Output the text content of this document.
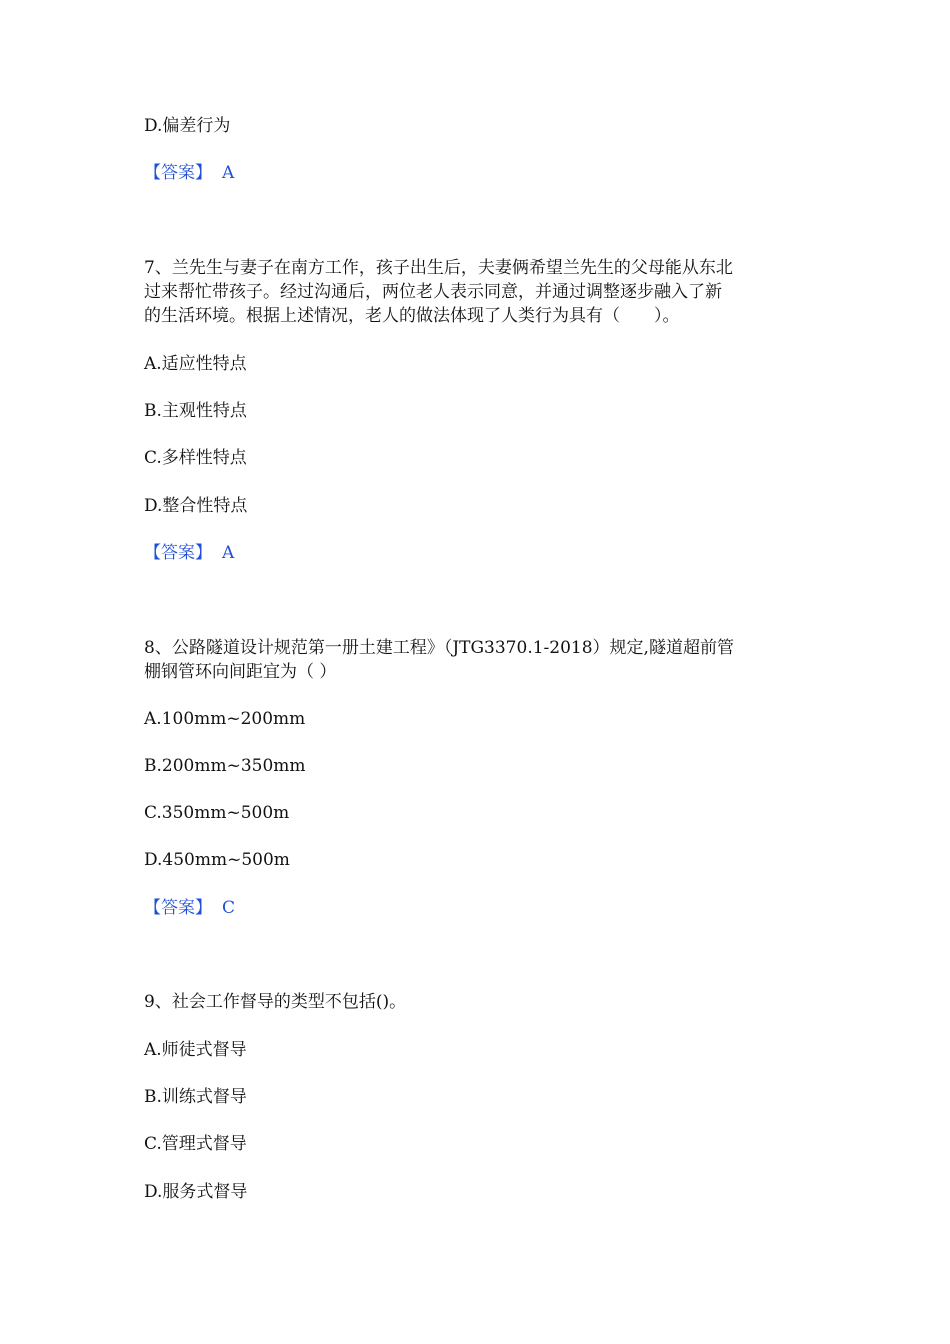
D.偏差行为

【答案】 A

7、兰先生与妻子在南方工作，孩子出生后，夫妻俩希望兰先生的父母能从东北
过来帮忙带孩子。经过沟通后，两位老人表示同意，并通过调整逐步融入了新
的生活环境。根据上述情况，老人的做法体现了人类行为具有（　　）。

A.适应性特点

B.主观性特点

C.多样性特点

D.整合性特点

【答案】 A

8、公路隧道设计规范第一册土建工程》（JTG3370.1-2018）规定,隧道超前管
棚钢管环向间距宜为（ ）

A.100mm~200mm

B.200mm~350mm

C.350mm~500m

D.450mm~500m

【答案】 C

9、社会工作督导的类型不包括()。

A.师徒式督导

B.训练式督导

C.管理式督导

D.服务式督导
